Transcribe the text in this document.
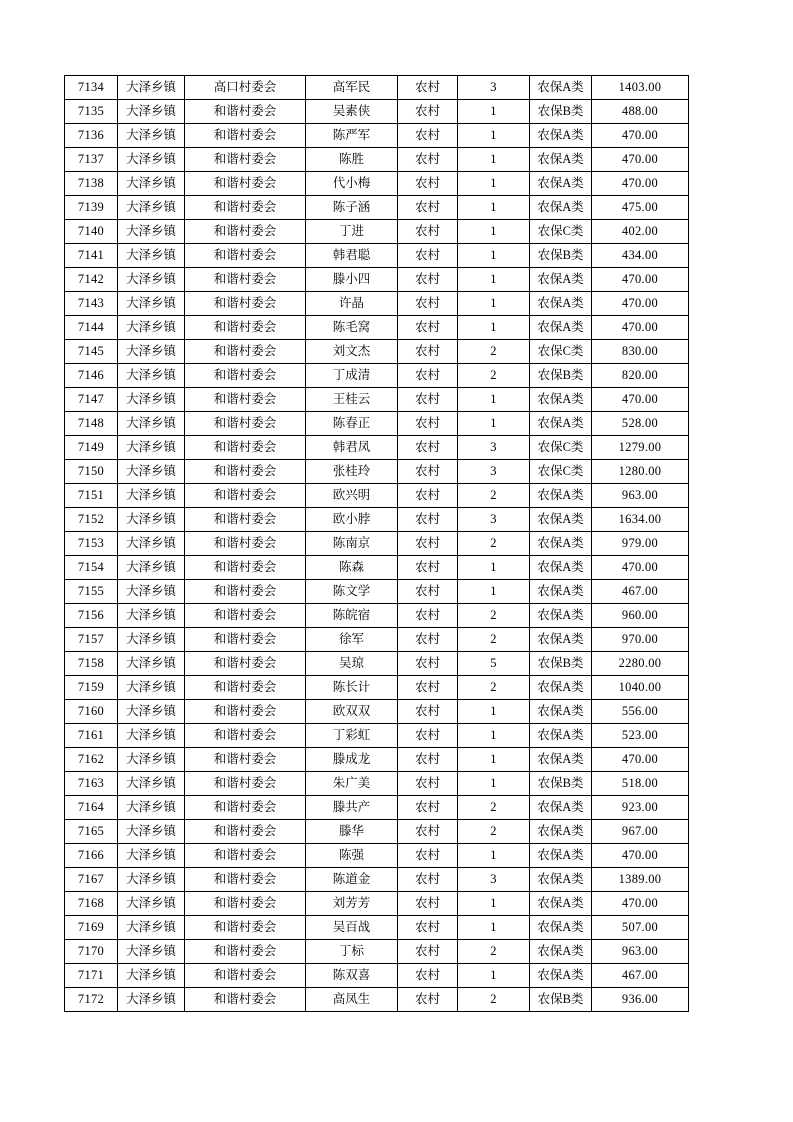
7134	大泽乡镇	高口村委会	高军民	农村	3	农保A类	1403.00
7135	大泽乡镇	和谐村委会	吴素侠	农村	1	农保B类	488.00
7136	大泽乡镇	和谐村委会	陈严军	农村	1	农保A类	470.00
7137	大泽乡镇	和谐村委会	陈胜	农村	1	农保A类	470.00
7138	大泽乡镇	和谐村委会	代小梅	农村	1	农保A类	470.00
7139	大泽乡镇	和谐村委会	陈子涵	农村	1	农保A类	475.00
7140	大泽乡镇	和谐村委会	丁进	农村	1	农保C类	402.00
7141	大泽乡镇	和谐村委会	韩君聪	农村	1	农保B类	434.00
7142	大泽乡镇	和谐村委会	滕小四	农村	1	农保A类	470.00
7143	大泽乡镇	和谐村委会	许晶	农村	1	农保A类	470.00
7144	大泽乡镇	和谐村委会	陈毛窝	农村	1	农保A类	470.00
7145	大泽乡镇	和谐村委会	刘文杰	农村	2	农保C类	830.00
7146	大泽乡镇	和谐村委会	丁成清	农村	2	农保B类	820.00
7147	大泽乡镇	和谐村委会	王桂云	农村	1	农保A类	470.00
7148	大泽乡镇	和谐村委会	陈春正	农村	1	农保A类	528.00
7149	大泽乡镇	和谐村委会	韩君凤	农村	3	农保C类	1279.00
7150	大泽乡镇	和谐村委会	张桂玲	农村	3	农保C类	1280.00
7151	大泽乡镇	和谐村委会	欧兴明	农村	2	农保A类	963.00
7152	大泽乡镇	和谐村委会	欧小脖	农村	3	农保A类	1634.00
7153	大泽乡镇	和谐村委会	陈南京	农村	2	农保A类	979.00
7154	大泽乡镇	和谐村委会	陈森	农村	1	农保A类	470.00
7155	大泽乡镇	和谐村委会	陈文学	农村	1	农保A类	467.00
7156	大泽乡镇	和谐村委会	陈皖宿	农村	2	农保A类	960.00
7157	大泽乡镇	和谐村委会	徐军	农村	2	农保A类	970.00
7158	大泽乡镇	和谐村委会	吴琼	农村	5	农保B类	2280.00
7159	大泽乡镇	和谐村委会	陈长计	农村	2	农保A类	1040.00
7160	大泽乡镇	和谐村委会	欧双双	农村	1	农保A类	556.00
7161	大泽乡镇	和谐村委会	丁彩虹	农村	1	农保A类	523.00
7162	大泽乡镇	和谐村委会	滕成龙	农村	1	农保A类	470.00
7163	大泽乡镇	和谐村委会	朱广美	农村	1	农保B类	518.00
7164	大泽乡镇	和谐村委会	滕共产	农村	2	农保A类	923.00
7165	大泽乡镇	和谐村委会	滕华	农村	2	农保A类	967.00
7166	大泽乡镇	和谐村委会	陈强	农村	1	农保A类	470.00
7167	大泽乡镇	和谐村委会	陈道金	农村	3	农保A类	1389.00
7168	大泽乡镇	和谐村委会	刘芳芳	农村	1	农保A类	470.00
7169	大泽乡镇	和谐村委会	吴百战	农村	1	农保A类	507.00
7170	大泽乡镇	和谐村委会	丁标	农村	2	农保A类	963.00
7171	大泽乡镇	和谐村委会	陈双喜	农村	1	农保A类	467.00
7172	大泽乡镇	和谐村委会	高凤生	农村	2	农保B类	936.00
